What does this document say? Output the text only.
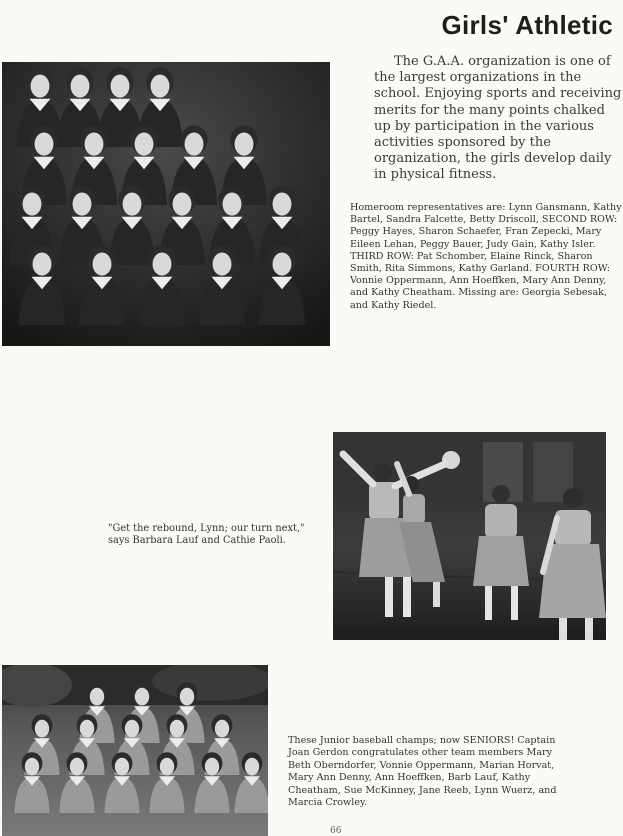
Girls' Athletic

The G.A.A. organization is one of the largest organizations in the school. Enjoying sports and receiving merits for the many points chalked up by participation in the various activities sponsored by the organization, the girls develop daily in physical fitness.

Homeroom representatives are: Lynn Gansmann, Kathy Bartel, Sandra Falcette, Betty Driscoll, SECOND ROW: Peggy Hayes, Sharon Schaefer, Fran Zepecki, Mary Eileen Lehan, Peggy Bauer, Judy Gain, Kathy Isler. THIRD ROW: Pat Schomber, Elaine Rinck, Sharon Smith, Rita Simmons, Kathy Garland. FOURTH ROW: Vonnie Oppermann, Ann Hoeffken, Mary Ann Denny, and Kathy Cheatham. Missing are: Georgia Sebesak, and Kathy Riedel.

"Get the rebound, Lynn; our turn next," says Barbara Lauf and Cathie Paoli.

These Junior baseball champs; now SENIORS! Captain Joan Gerdon congratulates other team members Mary Beth Oberndorfer, Vonnie Oppermann, Marian Horvat, Mary Ann Denny, Ann Hoeffken, Barb Lauf, Kathy Cheatham, Sue McKinney, Jane Reeb, Lynn Wuerz, and Marcia Crowley.

66
